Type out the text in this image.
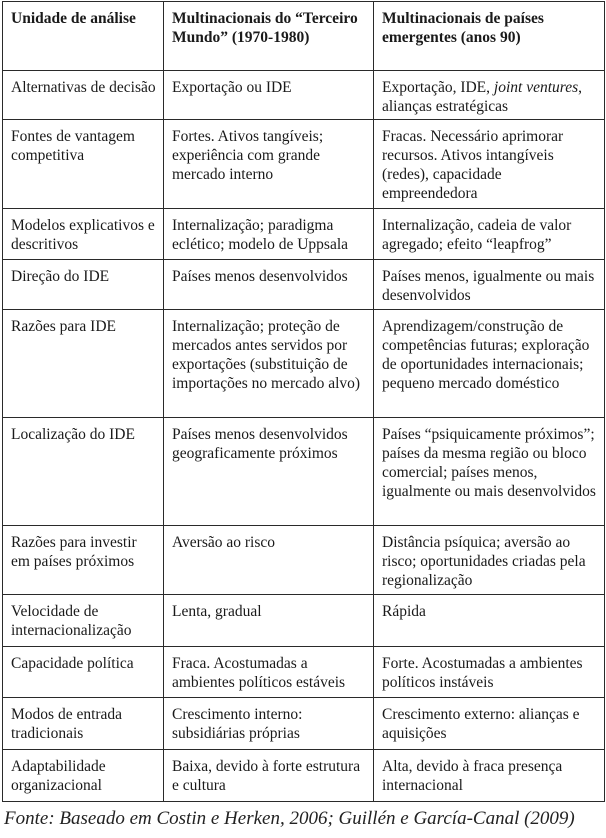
Unidade de análise	Multinacionais do “Terceiro Mundo” (1970-1980)	Multinacionais de países emergentes (anos 90)
Alternativas de decisão	Exportação ou IDE	Exportação, IDE, joint ventures, alianças estratégicas
Fontes de vantagem competitiva	Fortes. Ativos tangíveis; experiência com grande mercado interno	Fracas. Necessário aprimorar recursos. Ativos intangíveis (redes), capacidade empreendedora
Modelos explicativos e descritivos	Internalização; paradigma eclético; modelo de Uppsala	Internalização, cadeia de valor agregado; efeito “leapfrog”
Direção do IDE	Países menos desenvolvidos	Países menos, igualmente ou mais desenvolvidos
Razões para IDE	Internalização; proteção de mercados antes servidos por exportações (substituição de importações no mercado alvo)	Aprendizagem/construção de competências futuras; exploração de oportunidades internacionais; pequeno mercado doméstico
Localização do IDE	Países menos desenvolvidos geograficamente próximos	Países “psiquicamente próximos”; países da mesma região ou bloco comercial; países menos, igualmente ou mais desenvolvidos
Razões para investir em países próximos	Aversão ao risco	Distância psíquica; aversão ao risco; oportunidades criadas pela regionalização
Velocidade de internacionalização	Lenta, gradual	Rápida
Capacidade política	Fraca. Acostumadas a ambientes políticos estáveis	Forte. Acostumadas a ambientes políticos instáveis
Modos de entrada tradicionais	Crescimento interno: subsidiárias próprias	Crescimento externo: alianças e aquisições
Adaptabilidade organizacional	Baixa, devido à forte estrutura e cultura	Alta, devido à fraca presença internacional
Fonte: Baseado em Costin e Herken, 2006; Guillén e García-Canal (2009)
